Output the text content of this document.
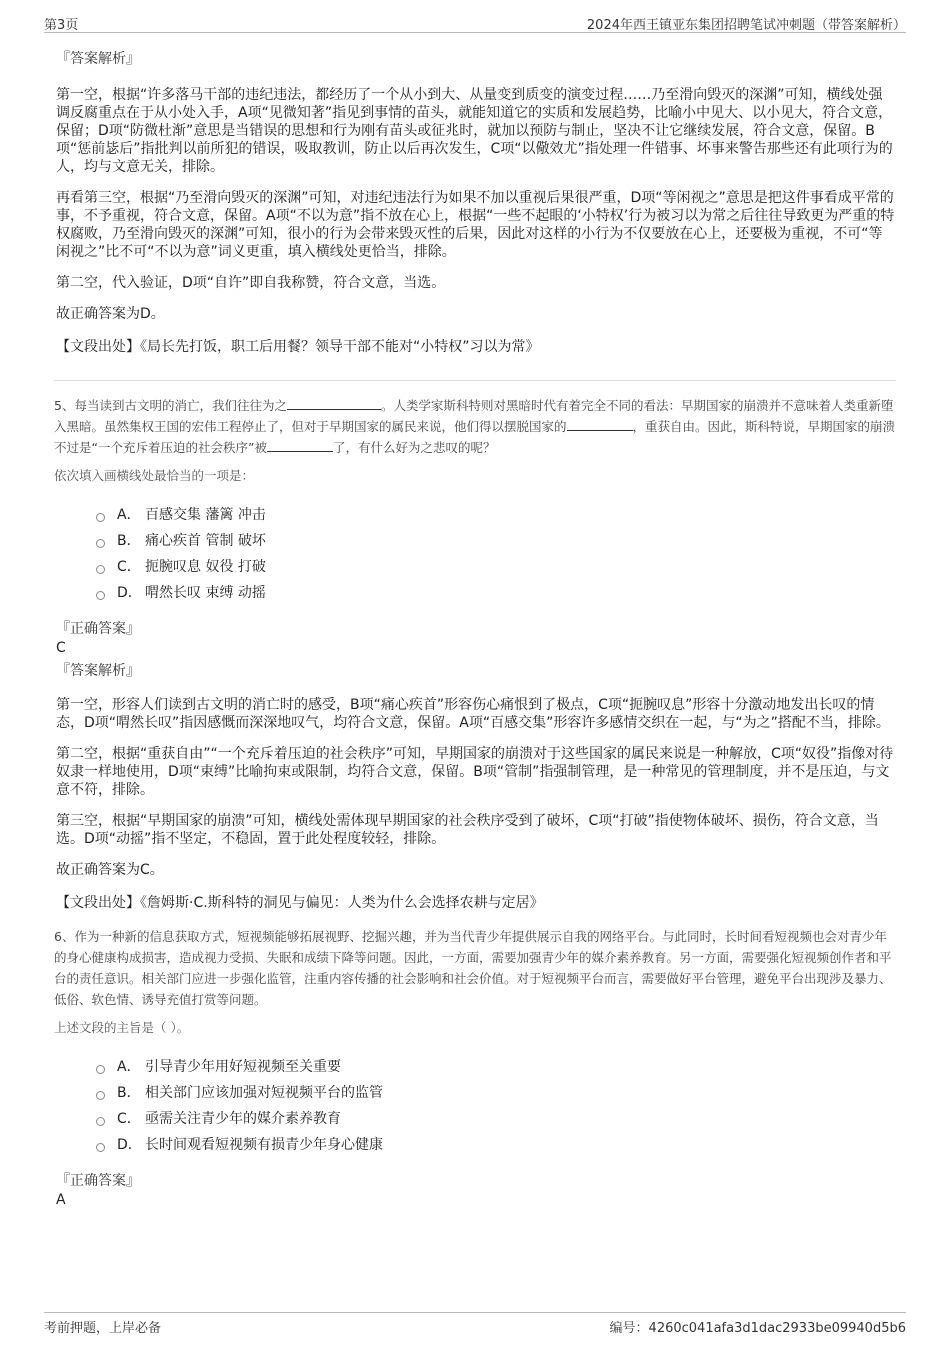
第3页	2024年西王镇亚东集团招聘笔试冲刺题（带答案解析）
『答案解析』

第一空，根据“许多落马干部的违纪违法，都经历了一个从小到大、从量变到质变的演变过程……乃至滑向毁灭的深渊”可知，横线处强调反腐重点在于从小处入手，A项“见微知著”指见到事情的苗头，就能知道它的实质和发展趋势，比喻小中见大、以小见大，符合文意，保留；D项“防微杜渐”意思是当错误的思想和行为刚有苗头或征兆时，就加以预防与制止，坚决不让它继续发展，符合文意，保留。B项“惩前毖后”指批判以前所犯的错误，吸取教训，防止以后再次发生，C项“以儆效尤”指处理一件错事、坏事来警告那些还有此项行为的人，均与文意无关，排除。

再看第三空，根据“乃至滑向毁灭的深渊”可知，对违纪违法行为如果不加以重视后果很严重，D项“等闲视之”意思是把这件事看成平常的事，不予重视，符合文意，保留。A项“不以为意”指不放在心上，根据“一些不起眼的‘小特权’行为被习以为常之后往往导致更为严重的特权腐败，乃至滑向毁灭的深渊”可知，很小的行为会带来毁灭性的后果，因此对这样的小行为不仅要放在心上，还要极为重视，不可“等闲视之”比不可“不以为意”词义更重，填入横线处更恰当，排除。

第二空，代入验证，D项“自许”即自我称赞，符合文意，当选。

故正确答案为D。

【文段出处】《局长先打饭，职工后用餐？领导干部不能对“小特权”习以为常》
5、每当读到古文明的消亡，我们往往为之	。人类学家斯科特则对黑暗时代有着完全不同的看法：早期国家的崩溃并不意味着人类重新堕入黑暗。虽然集权王国的宏伟工程停止了，但对于早期国家的属民来说，他们得以摆脱国家的	，重获自由。因此，斯科特说，早期国家的崩溃不过是“一个充斥着压迫的社会秩序”被	了，有什么好为之悲叹的呢？
依次填入画横线处最恰当的一项是：
A． 百感交集 藩篱 冲击
B． 痛心疾首 管制 破坏
C． 扼腕叹息 奴役 打破
D． 喟然长叹 束缚 动摇
『正确答案』
C
『答案解析』

第一空，形容人们读到古文明的消亡时的感受，B项“痛心疾首”形容伤心痛恨到了极点，C项“扼腕叹息”形容十分激动地发出长叹的情态，D项“喟然长叹”指因感慨而深深地叹气，均符合文意，保留。A项“百感交集”形容许多感情交织在一起，与“为之”搭配不当，排除。

第二空，根据“重获自由”“一个充斥着压迫的社会秩序”可知，早期国家的崩溃对于这些国家的属民来说是一种解放，C项“奴役”指像对待奴隶一样地使用，D项“束缚”比喻拘束或限制，均符合文意，保留。B项“管制”指强制管理，是一种常见的管理制度，并不是压迫，与文意不符，排除。

第三空，根据“早期国家的崩溃”可知，横线处需体现早期国家的社会秩序受到了破坏，C项“打破”指使物体破坏、损伤，符合文意，当选。D项“动摇”指不坚定，不稳固，置于此处程度较轻，排除。

故正确答案为C。

【文段出处】《詹姆斯·C.斯科特的洞见与偏见：人类为什么会选择农耕与定居》
6、作为一种新的信息获取方式，短视频能够拓展视野、挖掘兴趣，并为当代青少年提供展示自我的网络平台。与此同时，长时间看短视频也会对青少年的身心健康构成损害，造成视力受损、失眠和成绩下降等问题。因此，一方面，需要加强青少年的媒介素养教育。另一方面，需要强化短视频创作者和平台的责任意识。相关部门应进一步强化监管，注重内容传播的社会影响和社会价值。对于短视频平台而言，需要做好平台管理，避免平台出现涉及暴力、低俗、软色情、诱导充值打赏等问题。
上述文段的主旨是（ ）。
A． 引导青少年用好短视频至关重要
B． 相关部门应该加强对短视频平台的监管
C． 亟需关注青少年的媒介素养教育
D． 长时间观看短视频有损青少年身心健康
『正确答案』
A
考前押题，上岸必备	编号：4260c041afa3d1dac2933be09940d5b6
